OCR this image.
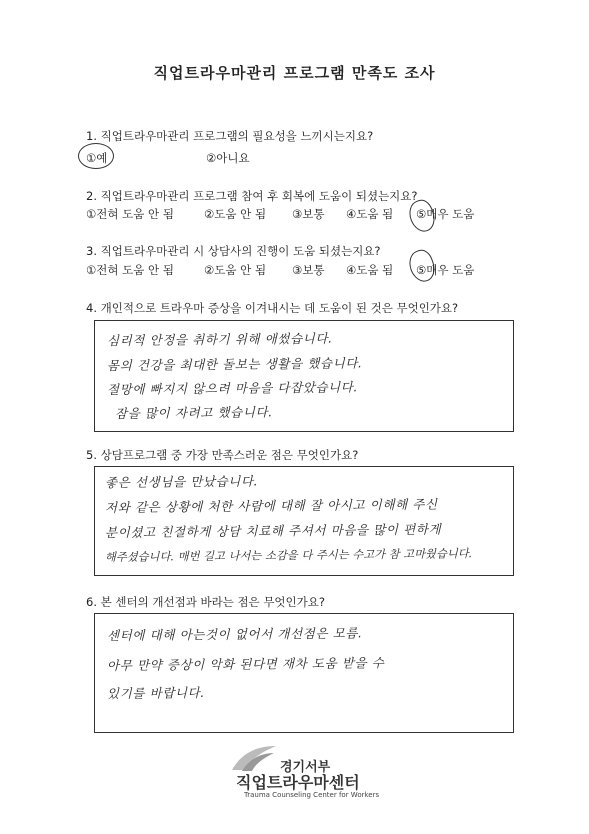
직업트라우마관리 프로그램 만족도 조사
1. 직업트라우마관리 프로그램의 필요성을 느끼시는지요?
①예	②아니요
2. 직업트라우마관리 프로그램 참여 후 회복에 도움이 되셨는지요?
①전혀 도움 안 됨	②도움 안 됨 ③보통 ④도움 됨 ⑤매우 도움
3. 직업트라우마관리 시 상담사의 진행이 도움 되셨는지요?
①전혀 도움 안 됨	②도움 안 됨 ③보통 ④도움 됨 ⑤매우 도움
4. 개인적으로 트라우마 증상을 이겨내시는 데 도움이 된 것은 무엇인가요?
심리적 안정을 취하기 위해 애썼습니다.
몸의 건강을 최대한 돌보는 생활을 했습니다.
절망에 빠지지 않으려 마음을 다잡았습니다.
잠을 많이 자려고 했습니다.
5. 상담프로그램 중 가장 만족스러운 점은 무엇인가요?
좋은 선생님을 만났습니다.
저와 같은 상황에 처한 사람에 대해 잘 아시고 이해해 주신
분이셨고 친절하게 상담 치료해 주셔서 마음을 많이 편하게
해주셨습니다. 매번 길고 나서는 소감을 다 주시는 수고가 참 고마웠습니다.
6. 본 센터의 개선점과 바라는 점은 무엇인가요?
센터에 대해 아는것이 없어서 개선점은 모름.
아무 만약 증상이 악화 된다면 재차 도움 받을 수
있기를 바랍니다.
경기서부
직업트라우마센터
Trauma Counseling Center for Workers
